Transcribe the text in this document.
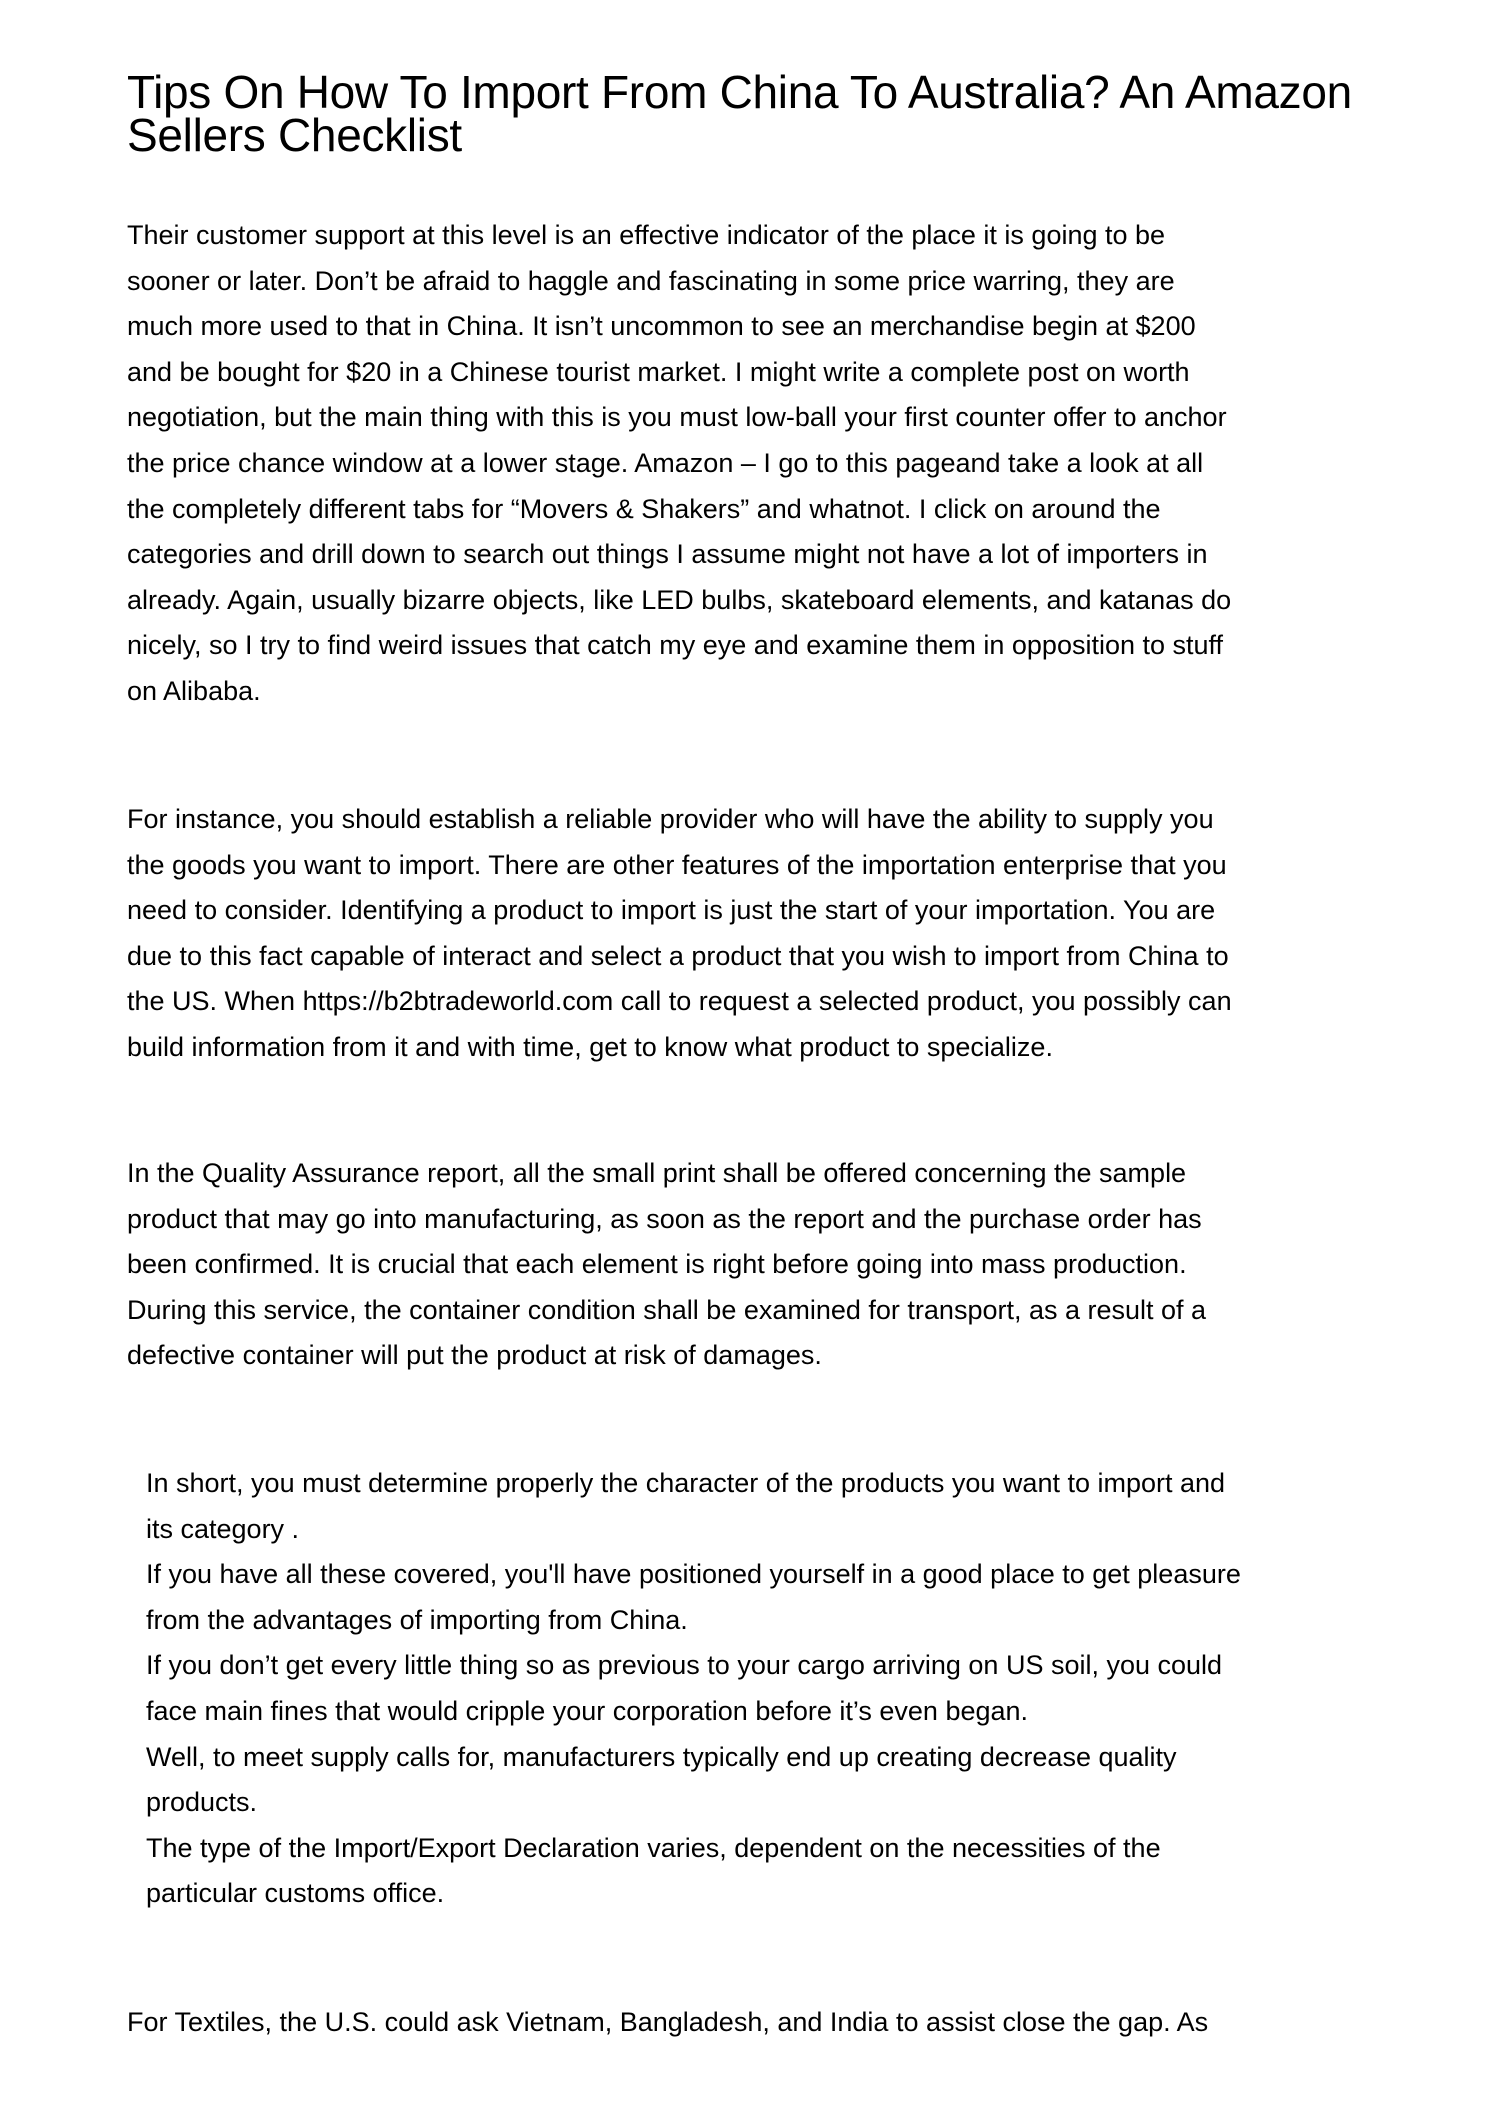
Tips On How To Import From China To Australia? An Amazon
Sellers Checklist
Their customer support at this level is an effective indicator of the place it is going to be
sooner or later. Don’t be afraid to haggle and fascinating in some price warring, they are
much more used to that in China. It isn’t uncommon to see an merchandise begin at $200
and be bought for $20 in a Chinese tourist market. I might write a complete post on worth
negotiation, but the main thing with this is you must low-ball your first counter offer to anchor
the price chance window at a lower stage. Amazon – I go to this pageand take a look at all
the completely different tabs for “Movers & Shakers” and whatnot. I click on around the
categories and drill down to search out things I assume might not have a lot of importers in
already. Again, usually bizarre objects, like LED bulbs, skateboard elements, and katanas do
nicely, so I try to find weird issues that catch my eye and examine them in opposition to stuff
on Alibaba.
For instance, you should establish a reliable provider who will have the ability to supply you
the goods you want to import. There are other features of the importation enterprise that you
need to consider. Identifying a product to import is just the start of your importation. You are
due to this fact capable of interact and select a product that you wish to import from China to
the US. When https://b2btradeworld.com call to request a selected product, you possibly can
build information from it and with time, get to know what product to specialize.
In the Quality Assurance report, all the small print shall be offered concerning the sample
product that may go into manufacturing, as soon as the report and the purchase order has
been confirmed. It is crucial that each element is right before going into mass production.
During this service, the container condition shall be examined for transport, as a result of a
defective container will put the product at risk of damages.
In short, you must determine properly the character of the products you want to import and
its category .
If you have all these covered, you'll have positioned yourself in a good place to get pleasure
from the advantages of importing from China.
If you don’t get every little thing so as previous to your cargo arriving on US soil, you could
face main fines that would cripple your corporation before it’s even began.
Well, to meet supply calls for, manufacturers typically end up creating decrease quality
products.
The type of the Import/Export Declaration varies, dependent on the necessities of the
particular customs office.
For Textiles, the U.S. could ask Vietnam, Bangladesh, and India to assist close the gap. As
